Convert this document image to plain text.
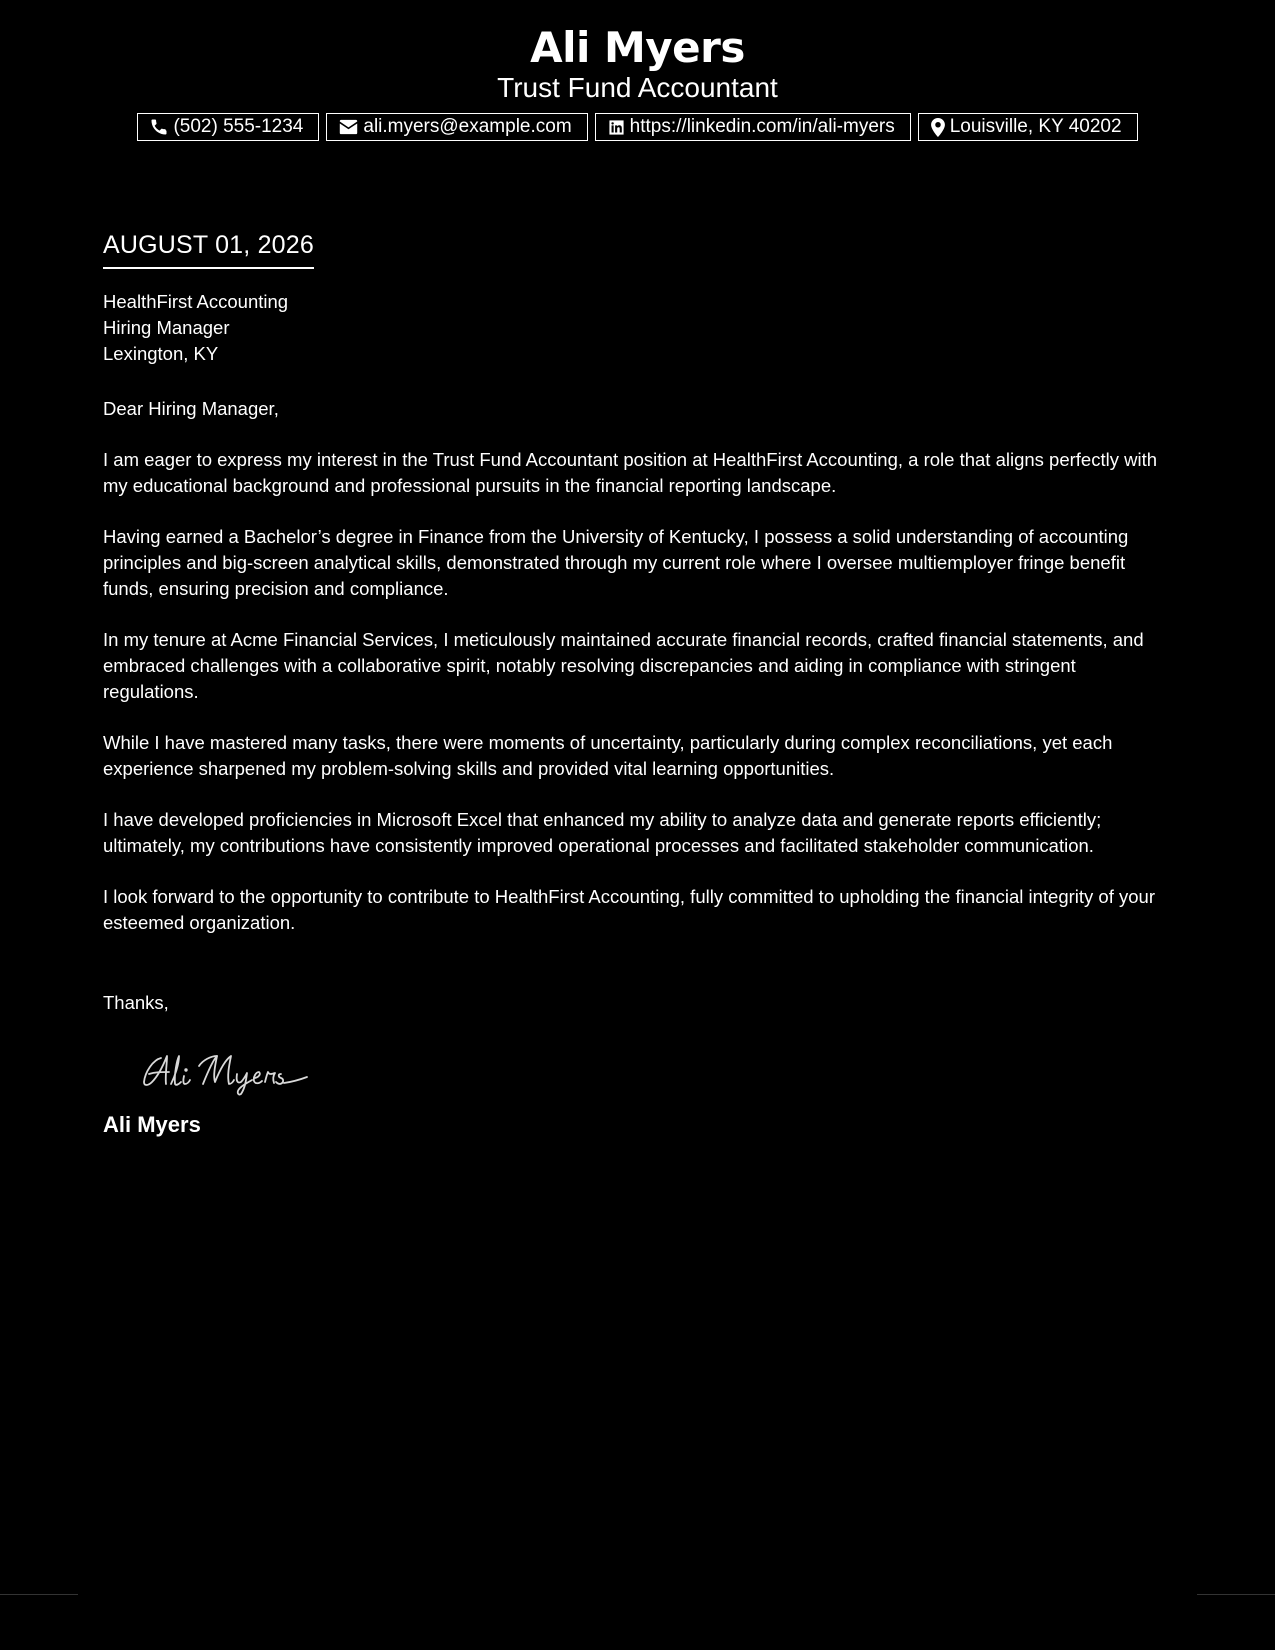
Ali Myers
Trust Fund Accountant
(502) 555-1234	ali.myers@example.com	https://linkedin.com/in/ali-myers	Louisville, KY 40202
AUGUST 01, 2026
HealthFirst Accounting
Hiring Manager
Lexington, KY
Dear Hiring Manager,

I am eager to express my interest in the Trust Fund Accountant position at HealthFirst Accounting, a role that aligns perfectly with my educational background and professional pursuits in the financial reporting landscape.

Having earned a Bachelor’s degree in Finance from the University of Kentucky, I possess a solid understanding of accounting principles and big-screen analytical skills, demonstrated through my current role where I oversee multiemployer fringe benefit funds, ensuring precision and compliance.

In my tenure at Acme Financial Services, I meticulously maintained accurate financial records, crafted financial statements, and embraced challenges with a collaborative spirit, notably resolving discrepancies and aiding in compliance with stringent regulations.

While I have mastered many tasks, there were moments of uncertainty, particularly during complex reconciliations, yet each experience sharpened my problem-solving skills and provided vital learning opportunities.

I have developed proficiencies in Microsoft Excel that enhanced my ability to analyze data and generate reports efficiently; ultimately, my contributions have consistently improved operational processes and facilitated stakeholder communication.

I look forward to the opportunity to contribute to HealthFirst Accounting, fully committed to upholding the financial integrity of your esteemed organization.

Thanks,
Ali Myers
